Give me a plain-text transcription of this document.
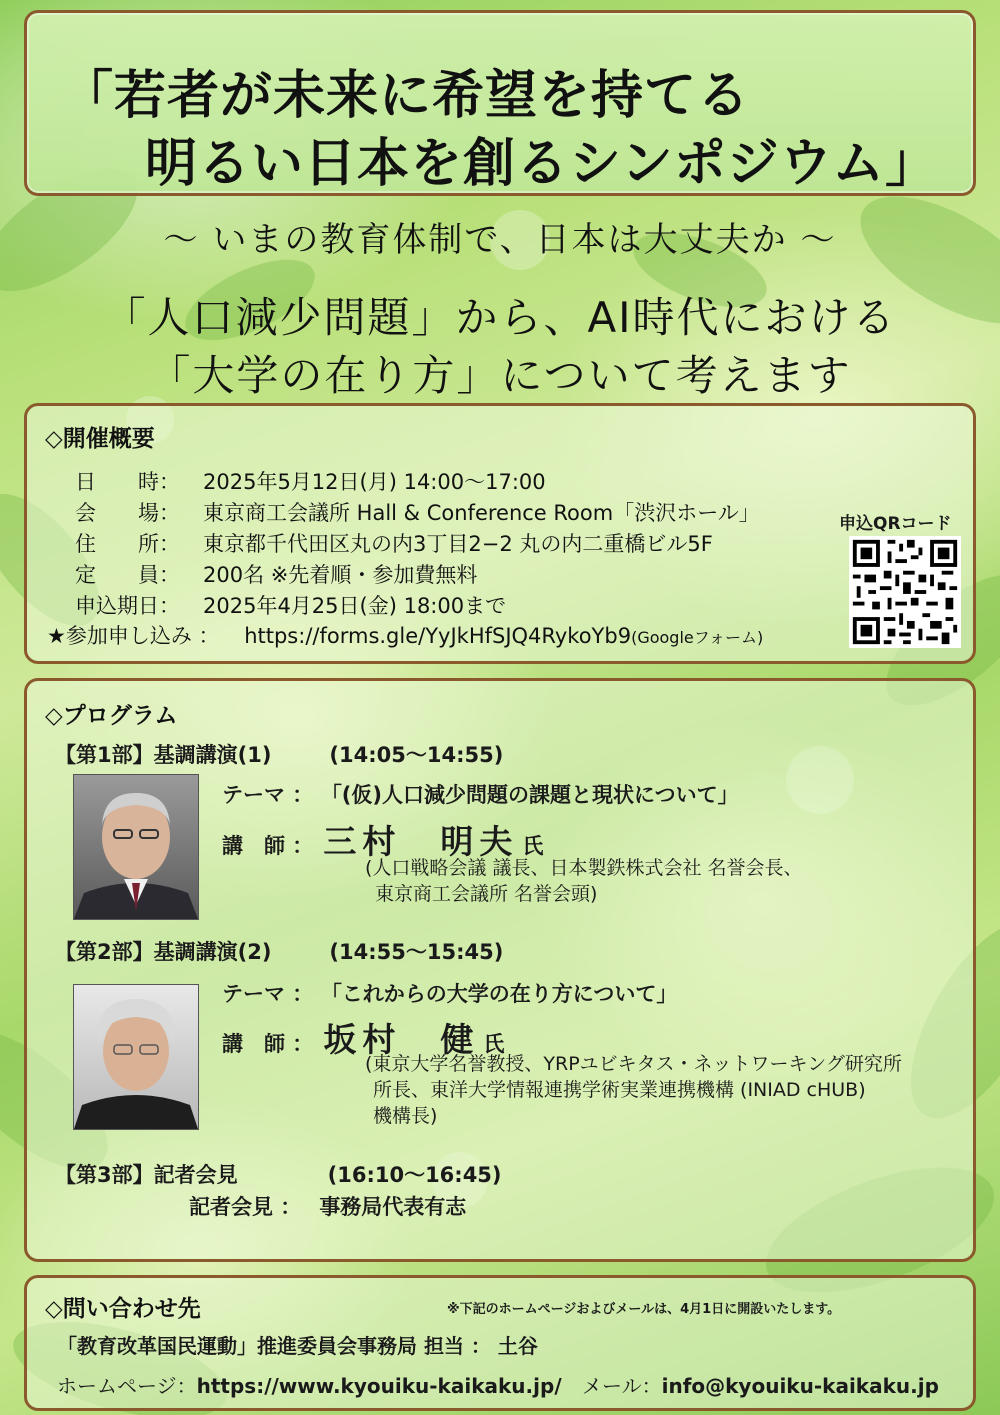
「若者が未来に希望を持てる
明るい日本を創るシンポジウム」
～ いまの教育体制で、日本は大丈夫か ～
「人口減少問題」から、AI時代における
「大学の在り方」について考えます
◇開催概要
日　　時： 2025年5月12日(月) 14:00～17:00
会　　場： 東京商工会議所 Hall & Conference Room「渋沢ホール」
住　　所： 東京都千代田区丸の内3丁目2−2 丸の内二重橋ビル5F
定　　員： 200名 ※先着順・参加費無料
申込期日： 2025年4月25日(金) 18:00まで
★参加申し込み ： https://forms.gle/YyJkHfSJQ4RykoYb9(Googleフォーム)
申込QRコード
◇プログラム
【第1部】基調講演(1)	(14:05～14:55)
テーマ ： 「(仮)人口減少問題の課題と現状について」
講　師 ： 三村　明夫 氏
(人口戦略会議 議長、日本製鉄株式会社 名誉会長、
東京商工会議所 名誉会頭)
【第2部】基調講演(2)	(14:55～15:45)
テーマ ： 「これからの大学の在り方について」
講　師 ： 坂村　健 氏
(東京大学名誉教授、YRPユビキタス・ネットワーキング研究所
所長、東洋大学情報連携学術実業連携機構 (INIAD cHUB)
機構長)
【第3部】記者会見	(16:10～16:45)
記者会見 ： 事務局代表有志
◇問い合わせ先	※下記のホームページおよびメールは、4月1日に開設いたします。
「教育改革国民運動」推進委員会事務局 担当 ： 土谷
ホームページ：https://www.kyouiku-kaikaku.jp/ メール：info@kyouiku-kaikaku.jp
